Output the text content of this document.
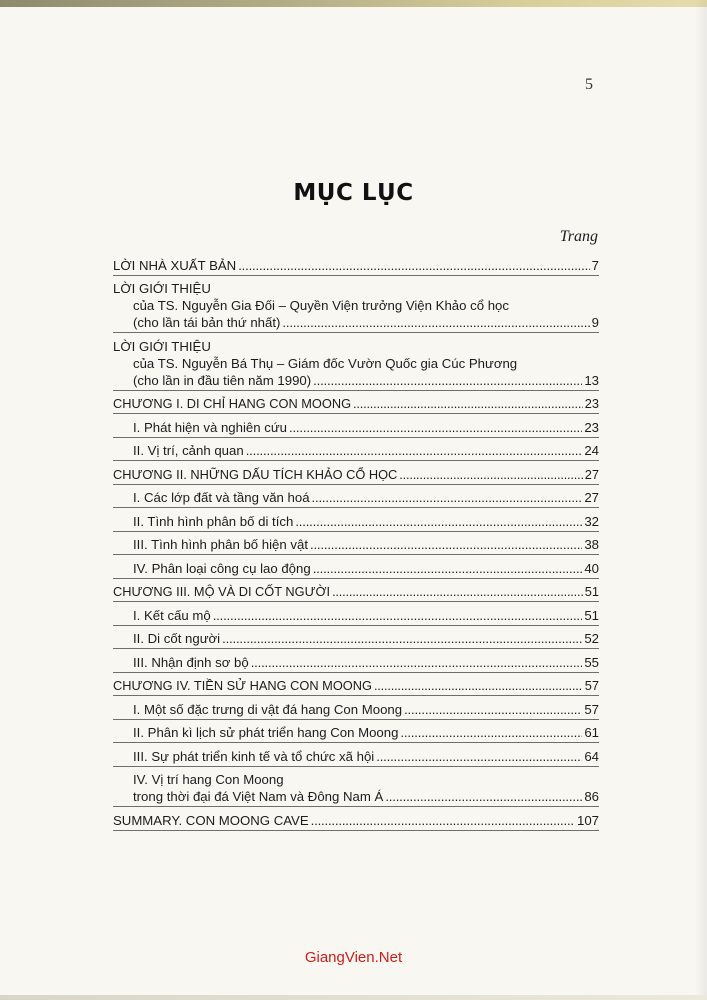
5
MỤC LỤC
Trang
LỜI NHÀ XUẤT BẢN .....	7
LỜI GIỚI THIỆU
của TS. Nguyễn Gia Đối – Quyền Viện trưởng Viện Khảo cổ học
(cho lần tái bản thứ nhất) .....	9
LỜI GIỚI THIỆU
của TS. Nguyễn Bá Thụ – Giám đốc Vườn Quốc gia Cúc Phương
(cho lần in đầu tiên năm 1990) .....	13
CHƯƠNG I. DI CHỈ HANG CON MOONG .....	23
I. Phát hiện và nghiên cứu .....	23
II. Vị trí, cảnh quan .....	24
CHƯƠNG II. NHỮNG DẤU TÍCH KHẢO CỔ HỌC .....	27
I. Các lớp đất và tầng văn hoá .....	27
II. Tình hình phân bố di tích .....	32
III. Tình hình phân bố hiện vật .....	38
IV. Phân loại công cụ lao động .....	40
CHƯƠNG III. MỘ VÀ DI CỐT NGƯỜI .....	51
I. Kết cấu mộ .....	51
II. Di cốt người .....	52
III. Nhận định sơ bộ .....	55
CHƯƠNG IV. TIỀN SỬ HANG CON MOONG .....	57
I. Một số đặc trưng di vật đá hang Con Moong .....	57
II. Phân kì lịch sử phát triển hang Con Moong .....	61
III. Sự phát triển kinh tế và tổ chức xã hội .....	64
IV. Vị trí hang Con Moong
trong thời đại đá Việt Nam và Đông Nam Á .....	86
SUMMARY. CON MOONG CAVE .....	107
GiangVien.Net
